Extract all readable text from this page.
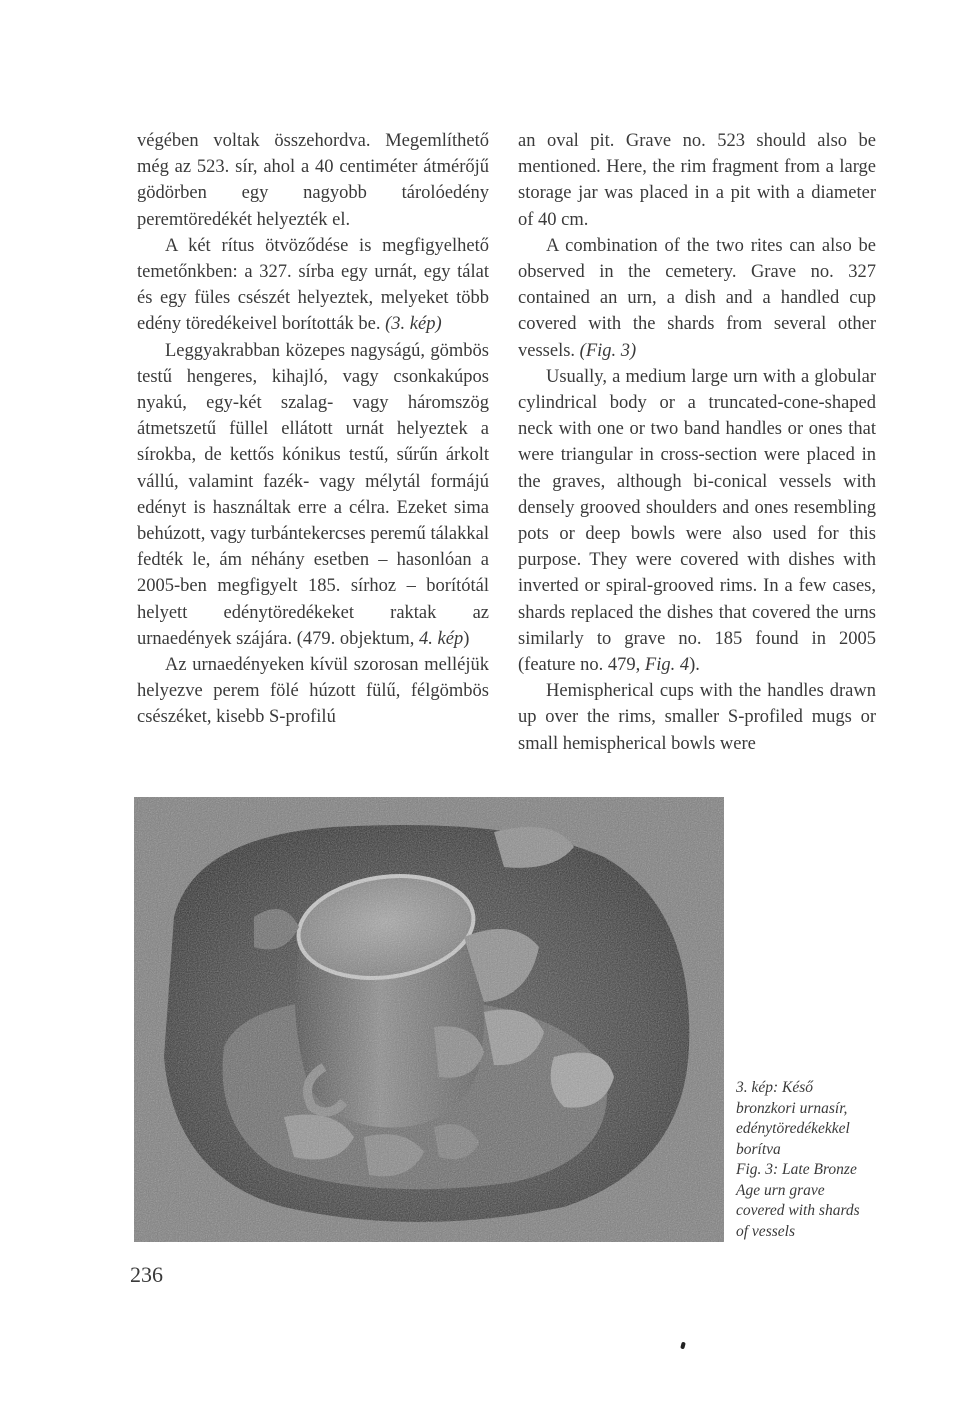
végében voltak összehordva. Megemlíthető még az 523. sír, ahol a 40 centiméter átmérőjű gödörben egy nagyobb tárolóedény peremtöredékét helyezték el.

A két rítus ötvöződése is megfigyelhető temetőnkben: a 327. sírba egy urnát, egy tálat és egy füles csészét helyeztek, melyeket több edény töredékeivel borították be. (3. kép)

Leggyakrabban közepes nagyságú, gömbös testű hengeres, kihajló, vagy csonkakúpos nyakú, egy-két szalag- vagy háromszög átmetszetű füllel ellátott urnát helyeztek a sírokba, de kettős kónikus testű, sűrűn árkolt vállú, valamint fazék- vagy mélytál formájú edényt is használtak erre a célra. Ezeket sima behúzott, vagy turbántekercses peremű tálakkal fedték le, ám néhány esetben – hasonlóan a 2005-ben megfigyelt 185. sírhoz – borítótál helyett edénytöredékeket raktak az urnaedények szájára. (479. objektum, 4. kép)

Az urnaedényeken kívül szorosan melléjük helyezve perem fölé húzott fülű, félgömbös csészéket, kisebb S-profilú

an oval pit. Grave no. 523 should also be mentioned. Here, the rim fragment from a large storage jar was placed in a pit with a diameter of 40 cm.

A combination of the two rites can also be observed in the cemetery. Grave no. 327 contained an urn, a dish and a handled cup covered with the shards from several other vessels. (Fig. 3)

Usually, a medium large urn with a globular cylindrical body or a truncated-cone-shaped neck with one or two band handles or ones that were triangular in cross-section were placed in the graves, although bi-conical vessels with densely grooved shoulders and ones resembling pots or deep bowls were also used for this purpose. They were covered with dishes with inverted or spiral-grooved rims. In a few cases, shards replaced the dishes that covered the urns similarly to grave no. 185 found in 2005 (feature no. 479, Fig. 4).

Hemispherical cups with the handles drawn up over the rims, smaller S-profiled mugs or small hemispherical bowls were

3. kép: Késő
bronzkori urnasír,
edénytöredékekkel
borítva
Fig. 3: Late Bronze
Age urn grave
covered with shards
of vessels
236
